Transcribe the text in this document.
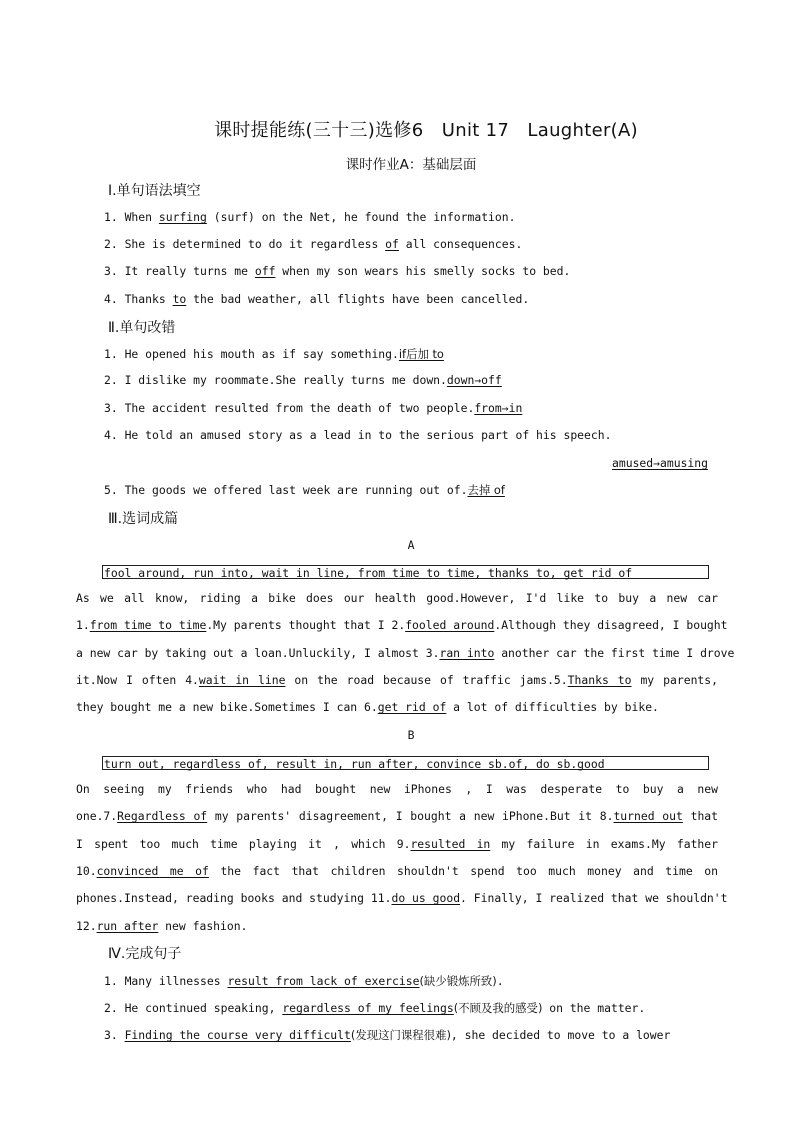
课时提能练(三十三)选修6　Unit 17　Laughter(A)
课时作业A：基础层面
Ⅰ.单句语法填空
1. When surfing (surf) on the Net, he found the information.
2. She is determined to do it regardless of all consequences.
3. It really turns me off when my son wears his smelly socks to bed.
4. Thanks to the bad weather, all flights have been cancelled.
Ⅱ.单句改错
1. He opened his mouth as if say something.if后加 to
2. I dislike my roommate.She really turns me down.down→off
3. The accident resulted from the death of two people.from→in
4. He told an amused story as a lead in to the serious part of his speech.
amused→amusing
5. The goods we offered last week are running out of.去掉 of
Ⅲ.选词成篇
A
fool around, run into, wait in line, from time to time, thanks to, get rid of
As we all know, riding a bike does our health good.However, I'd like to buy a new car
1.from time to time.My parents thought that I 2.fooled around.Although they disagreed, I bought
a new car by taking out a loan.Unluckily, I almost 3.ran into another car the first time I drove
it.Now I often 4.wait in line on the road because of traffic jams.5.Thanks to my parents,
they bought me a new bike.Sometimes I can 6.get rid of a lot of difficulties by bike.
B
turn out, regardless of, result in, run after, convince sb.of, do sb.good
On seeing my friends who had bought new iPhones , I was desperate to buy a new
one.7.Regardless of my parents' disagreement, I bought a new iPhone.But it 8.turned out that
I spent too much time playing it , which 9.resulted in my failure in exams.My father
10.convinced me of the fact that children shouldn't spend too much money and time on
phones.Instead, reading books and studying 11.do us good. Finally, I realized that we shouldn't
12.run after new fashion.
Ⅳ.完成句子
1. Many illnesses result from lack of exercise(缺少锻炼所致).
2. He continued speaking, regardless of my feelings(不顾及我的感受) on the matter.
3. Finding the course very difficult(发现这门课程很难), she decided to move to a lower
